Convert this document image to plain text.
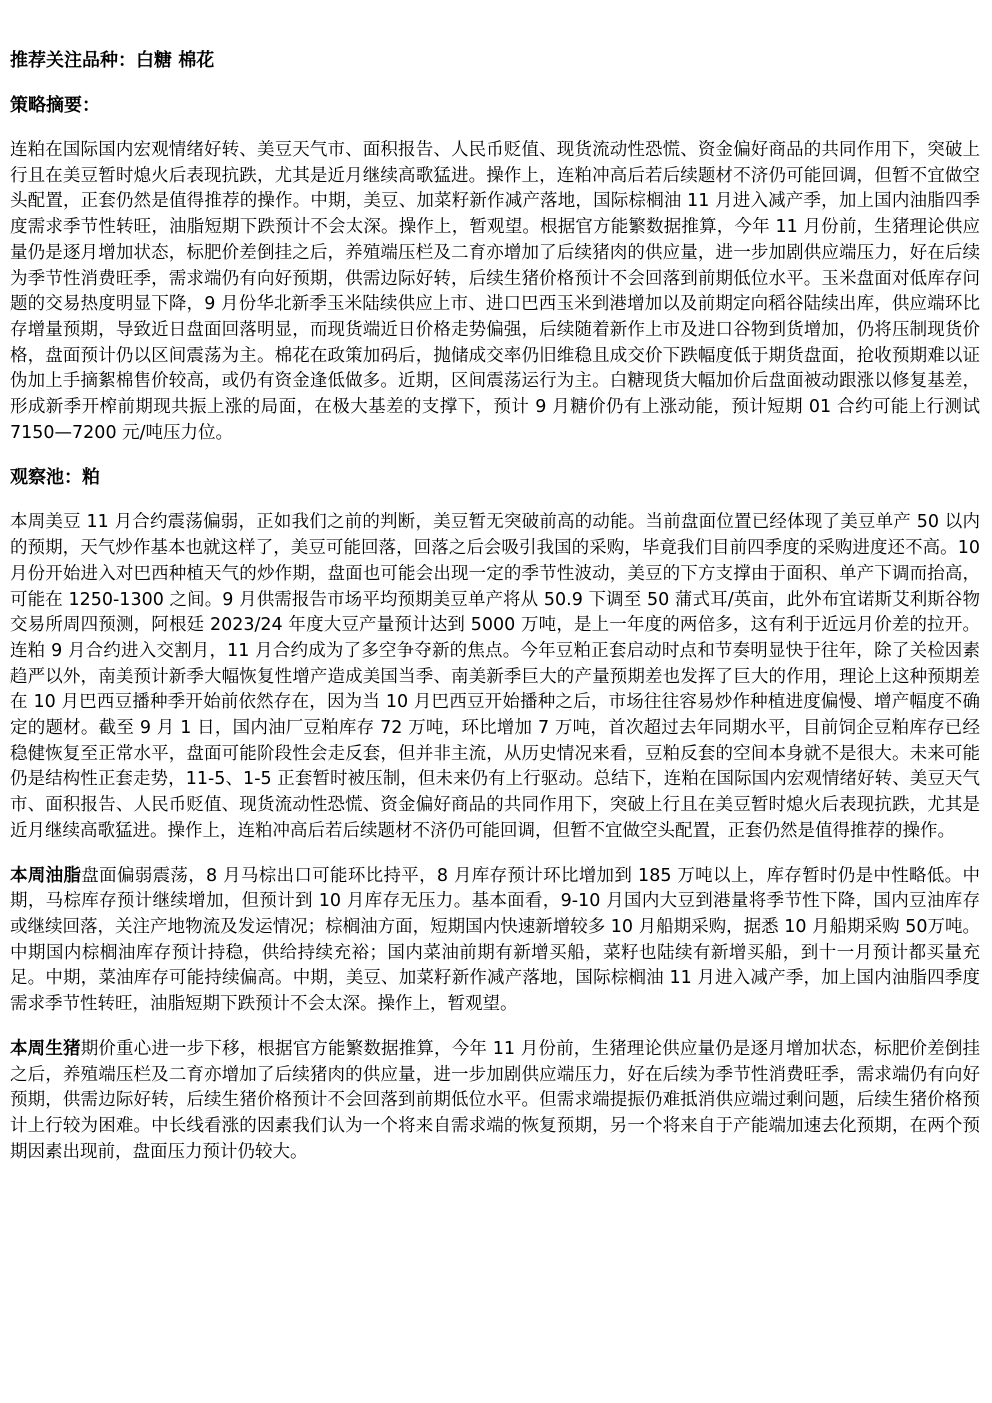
推荐关注品种：白糖 棉花
策略摘要：

连粕在国际国内宏观情绪好转、美豆天气市、面积报告、人民币贬值、现货流动性恐慌、资金偏好商品的共同作用下，突破上行且在美豆暂时熄火后表现抗跌，尤其是近月继续高歌猛进。操作上，连粕冲高后若后续题材不济仍可能回调，但暂不宜做空头配置，正套仍然是值得推荐的操作。中期，美豆、加菜籽新作减产落地，国际棕榈油 11 月进入减产季，加上国内油脂四季度需求季节性转旺，油脂短期下跌预计不会太深。操作上，暂观望。根据官方能繁数据推算，今年 11 月份前，生猪理论供应量仍是逐月增加状态，标肥价差倒挂之后，养殖端压栏及二育亦增加了后续猪肉的供应量，进一步加剧供应端压力，好在后续为季节性消费旺季，需求端仍有向好预期，供需边际好转，后续生猪价格预计不会回落到前期低位水平。玉米盘面对低库存问题的交易热度明显下降，9 月份华北新季玉米陆续供应上市、进口巴西玉米到港增加以及前期定向稻谷陆续出库，供应端环比存增量预期，导致近日盘面回落明显，而现货端近日价格走势偏强，后续随着新作上市及进口谷物到货增加，仍将压制现货价格，盘面预计仍以区间震荡为主。棉花在政策加码后，抛储成交率仍旧维稳且成交价下跌幅度低于期货盘面，抢收预期难以证伪加上手摘絮棉售价较高，或仍有资金逢低做多。近期，区间震荡运行为主。白糖现货大幅加价后盘面被动跟涨以修复基差，形成新季开榨前期现共振上涨的局面，在极大基差的支撑下，预计 9 月糖价仍有上涨动能，预计短期 01 合约可能上行测试7150—7200 元/吨压力位。

观察池：粕

本周美豆 11 月合约震荡偏弱，正如我们之前的判断，美豆暂无突破前高的动能。当前盘面位置已经体现了美豆单产 50 以内的预期，天气炒作基本也就这样了，美豆可能回落，回落之后会吸引我国的采购，毕竟我们目前四季度的采购进度还不高。10 月份开始进入对巴西种植天气的炒作期，盘面也可能会出现一定的季节性波动，美豆的下方支撑由于面积、单产下调而抬高，可能在 1250-1300 之间。9 月供需报告市场平均预期美豆单产将从 50.9 下调至 50 蒲式耳/英亩，此外布宜诺斯艾利斯谷物交易所周四预测，阿根廷 2023/24 年度大豆产量预计达到 5000 万吨，是上一年度的两倍多，这有利于近远月价差的拉开。连粕 9 月合约进入交割月，11 月合约成为了多空争夺新的焦点。今年豆粕正套启动时点和节奏明显快于往年，除了关检因素趋严以外，南美预计新季大幅恢复性增产造成美国当季、南美新季巨大的产量预期差也发挥了巨大的作用，理论上这种预期差在 10 月巴西豆播种季开始前依然存在，因为当 10 月巴西豆开始播种之后，市场往往容易炒作种植进度偏慢、增产幅度不确定的题材。截至 9 月 1 日，国内油厂豆粕库存 72 万吨，环比增加 7 万吨，首次超过去年同期水平，目前饲企豆粕库存已经稳健恢复至正常水平，盘面可能阶段性会走反套，但并非主流，从历史情况来看，豆粕反套的空间本身就不是很大。未来可能仍是结构性正套走势，11-5、1-5 正套暂时被压制，但未来仍有上行驱动。总结下，连粕在国际国内宏观情绪好转、美豆天气市、面积报告、人民币贬值、现货流动性恐慌、资金偏好商品的共同作用下，突破上行且在美豆暂时熄火后表现抗跌，尤其是近月继续高歌猛进。操作上，连粕冲高后若后续题材不济仍可能回调，但暂不宜做空头配置，正套仍然是值得推荐的操作。

本周油脂盘面偏弱震荡，8 月马棕出口可能环比持平，8 月库存预计环比增加到 185 万吨以上，库存暂时仍是中性略低。中期，马棕库存预计继续增加，但预计到 10 月库存无压力。基本面看，9-10 月国内大豆到港量将季节性下降，国内豆油库存或继续回落，关注产地物流及发运情况；棕榈油方面，短期国内快速新增较多 10 月船期采购，据悉 10 月船期采购 50万吨。中期国内棕榈油库存预计持稳，供给持续充裕；国内菜油前期有新增买船，菜籽也陆续有新增买船，到十一月预计都买量充足。中期，菜油库存可能持续偏高。中期，美豆、加菜籽新作减产落地，国际棕榈油 11 月进入减产季，加上国内油脂四季度需求季节性转旺，油脂短期下跌预计不会太深。操作上，暂观望。

本周生猪期价重心进一步下移，根据官方能繁数据推算，今年 11 月份前，生猪理论供应量仍是逐月增加状态，标肥价差倒挂之后，养殖端压栏及二育亦增加了后续猪肉的供应量，进一步加剧供应端压力，好在后续为季节性消费旺季，需求端仍有向好预期，供需边际好转，后续生猪价格预计不会回落到前期低位水平。但需求端提振仍难抵消供应端过剩问题，后续生猪价格预计上行较为困难。中长线看涨的因素我们认为一个将来自需求端的恢复预期，另一个将来自于产能端加速去化预期，在两个预期因素出现前，盘面压力预计仍较大。
